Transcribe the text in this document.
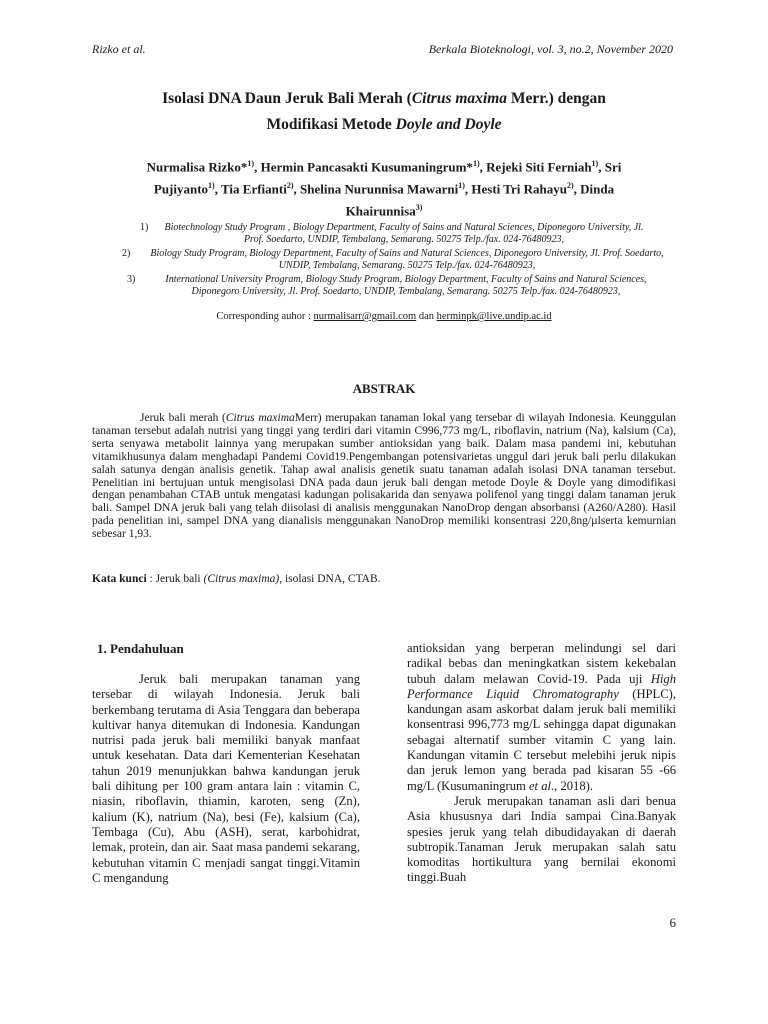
Rizko et al.	Berkala Bioteknologi, vol. 3, no.2, November 2020
Isolasi DNA Daun Jeruk Bali Merah (Citrus maxima Merr.) dengan
Modifikasi Metode Doyle and Doyle
Nurmalisa Rizko*$^{1)}$, Hermin Pancasakti Kusumaningrum*$^{1)}$, Rejeki Siti Ferniah$^{1)}$, Sri Pujiyanto$^{1)}$, Tia Erfianti$^{2)}$, Shelina Nurunnisa Mawarni$^{1)}$, Hesti Tri Rahayu$^{2)}$, Dinda Khairunnisa$^{3)}$
1)	Biotechnology Study Program , Biology Department, Faculty of Sains and Natural Sciences, Diponegoro University, Jl. Prof. Soedarto, UNDIP, Tembalang, Semarang. 50275 Telp./fax. 024-76480923,
2)	Biology Study Program, Biology Department, Faculty of Sains and Natural Sciences, Diponegoro University, Jl. Prof. Soedarto, UNDIP, Tembalang, Semarang. 50275 Telp./fax. 024-76480923,
3)	International University Program, Biology Study Program, Biology Department, Faculty of Sains and Natural Sciences, Diponegoro University, Jl. Prof. Soedarto, UNDIP, Tembalang, Semarang. 50275 Telp./fax. 024-76480923,
Corresponding auhor : nurmalisarr@gmail.com dan herminpk@live.undip.ac.id
ABSTRAK

Jeruk bali merah (Citrus maximaMerr) merupakan tanaman lokal yang tersebar di wilayah Indonesia. Keunggulan tanaman tersebut adalah nutrisi yang tinggi yang terdiri dari vitamin C996,773 mg/L, riboflavin, natrium (Na), kalsium (Ca), serta senyawa metabolit lainnya yang merupakan sumber antioksidan yang baik. Dalam masa pandemi ini, kebutuhan vitamikhusunya dalam menghadapi Pandemi Covid19.Pengembangan potensivarietas unggul dari jeruk bali perlu dilakukan salah satunya dengan analisis genetik. Tahap awal analisis genetik suatu tanaman adalah isolasi DNA tanaman tersebut. Penelitian ini bertujuan untuk mengisolasi DNA pada daun jeruk bali dengan metode Doyle & Doyle yang dimodifikasi dengan penambahan CTAB untuk mengatasi kadungan polisakarida dan senyawa polifenol yang tinggi dalam tanaman jeruk bali. Sampel DNA jeruk bali yang telah diisolasi di analisis menggunakan NanoDrop dengan absorbansi (A260/A280). Hasil pada penelitian ini, sampel DNA yang dianalisis menggunakan NanoDrop memiliki konsentrasi 220,8ng/µlserta kemurnian sebesar 1,93.

Kata kunci : Jeruk bali (Citrus maxima), isolasi DNA, CTAB.
1. Pendahuluan

Jeruk bali merupakan tanaman yang tersebar di wilayah Indonesia. Jeruk bali berkembang terutama di Asia Tenggara dan beberapa kultivar hanya ditemukan di Indonesia. Kandungan nutrisi pada jeruk bali memiliki banyak manfaat untuk kesehatan. Data dari Kementerian Kesehatan tahun 2019 menunjukkan bahwa kandungan jeruk bali dihitung per 100 gram antara lain : vitamin C, niasin, riboflavin, thiamin, karoten, seng (Zn), kalium (K), natrium (Na), besi (Fe), kalsium (Ca), Tembaga (Cu), Abu (ASH), serat, karbohidrat, lemak, protein, dan air. Saat masa pandemi sekarang, kebutuhan vitamin C menjadi sangat tinggi.Vitamin C mengandung

antioksidan yang berperan melindungi sel dari radikal bebas dan meningkatkan sistem kekebalan tubuh dalam melawan Covid-19. Pada uji High Performance Liquid Chromatography (HPLC), kandungan asam askorbat dalam jeruk bali memiliki konsentrasi 996,773 mg/L sehingga dapat digunakan sebagai alternatif sumber vitamin C yang lain. Kandungan vitamin C tersebut melebihi jeruk nipis dan jeruk lemon yang berada pad kisaran 55 -66 mg/L (Kusumaningrum et al., 2018).

Jeruk merupakan tanaman asli dari benua Asia khususnya dari India sampai Cina.Banyak spesies jeruk yang telah dibudidayakan di daerah subtropik.Tanaman Jeruk merupakan salah satu komoditas hortikultura yang bernilai ekonomi tinggi.Buah

6
